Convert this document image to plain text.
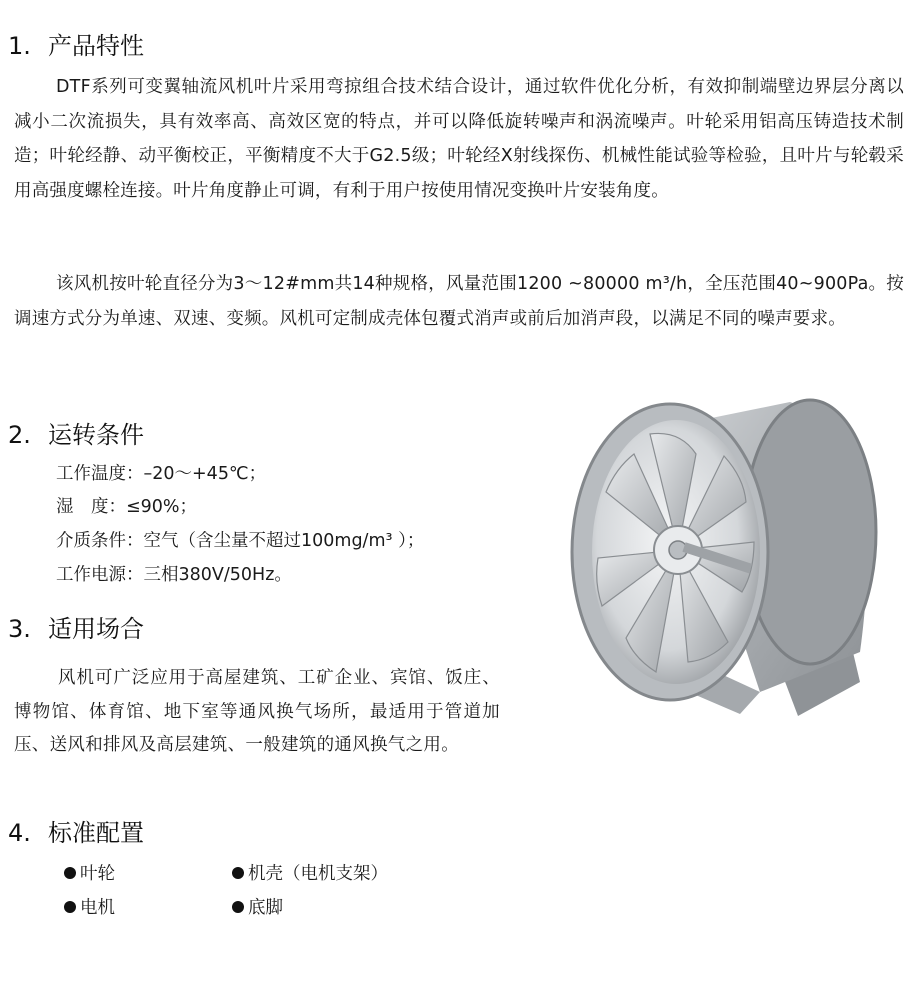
1. 产品特性

DTF系列可变翼轴流风机叶片采用弯掠组合技术结合设计，通过软件优化分析，有效抑制端壁边界层分离以减小二次流损失，具有效率高、高效区宽的特点，并可以降低旋转噪声和涡流噪声。叶轮采用铝高压铸造技术制造；叶轮经静、动平衡校正，平衡精度不大于G2.5级；叶轮经X射线探伤、机械性能试验等检验，且叶片与轮毂采用高强度螺栓连接。叶片角度静止可调，有利于用户按使用情况变换叶片安装角度。

该风机按叶轮直径分为3～12#mm共14种规格，风量范围1200 ~80000 m³/h，全压范围40~900Pa。按调速方式分为单速、双速、变频。风机可定制成壳体包覆式消声或前后加消声段，以满足不同的噪声要求。

2. 运转条件
工作温度：–20～+45℃；
湿　度：≤90%；
介质条件：空气（含尘量不超过100mg/m³ ）；
工作电源：三相380V/50Hz。
3. 适用场合

风机可广泛应用于高屋建筑、工矿企业、宾馆、饭庄、博物馆、体育馆、地下室等通风换气场所，最适用于管道加压、送风和排风及高层建筑、一般建筑的通风换气之用。

4. 标准配置
叶轮	机壳（电机支架）
电机	底脚
